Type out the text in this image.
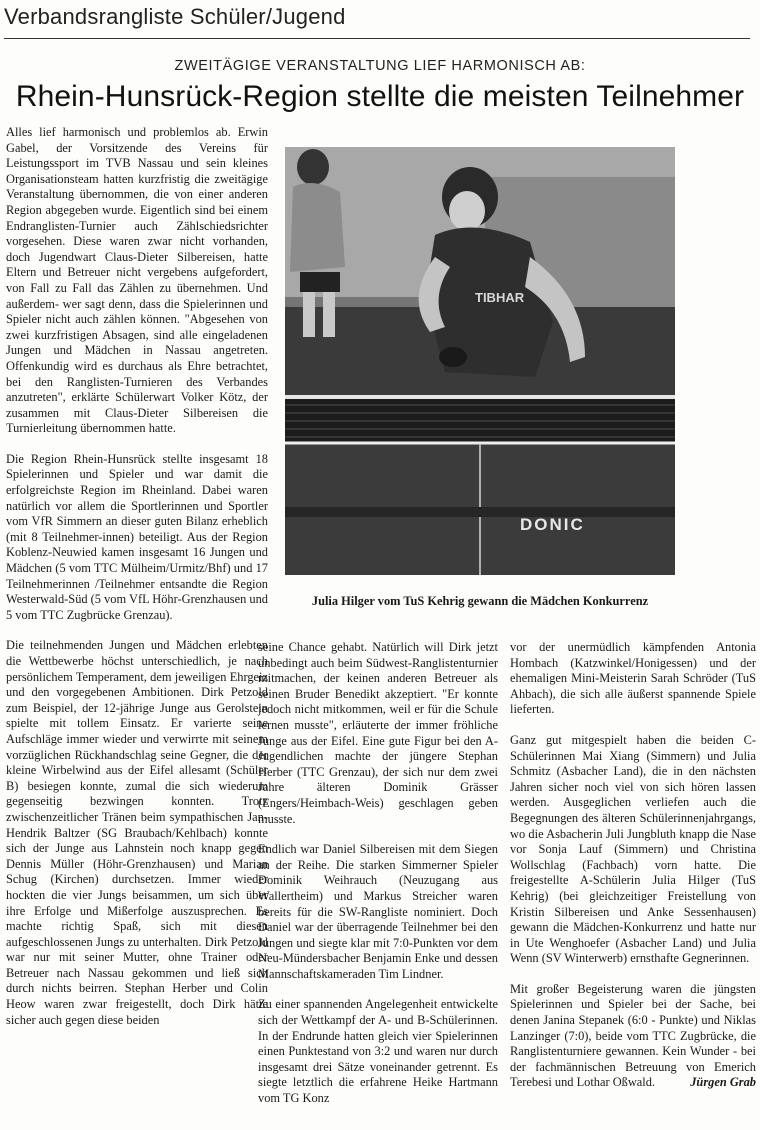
Verbandsrangliste Schüler/Jugend
ZWEITÄGIGE VERANSTALTUNG LIEF HARMONISCH AB:
Rhein-Hunsrück-Region stellte die meisten Teilnehmer

Alles lief harmonisch und problemlos ab. Erwin Gabel, der Vorsitzende des Vereins für Leistungssport im TVB Nassau und sein kleines Organisationsteam hatten kurzfristig die zweitägige Veranstaltung übernommen, die von einer anderen Region abgegeben wurde. Eigentlich sind bei einem Endranglisten-Turnier auch Zählschiedsrichter vorgesehen. Diese waren zwar nicht vorhanden, doch Jugendwart Claus-Dieter Silbereisen, hatte Eltern und Betreuer nicht vergebens aufgefordert, von Fall zu Fall das Zählen zu übernehmen. Und außerdem- wer sagt denn, dass die Spielerinnen und Spieler nicht auch zählen können. "Abgesehen von zwei kurzfristigen Absagen, sind alle eingeladenen Jungen und Mädchen in Nassau angetreten. Offenkundig wird es durchaus als Ehre betrachtet, bei den Ranglisten-Turnieren des Verbandes anzutreten", erklärte Schülerwart Volker Kötz, der zusammen mit Claus-Dieter Silbereisen die Turnierleitung übernommen hatte.

Die Region Rhein-Hunsrück stellte insgesamt 18 Spielerinnen und Spieler und war damit die erfolgreichste Region im Rheinland. Dabei waren natürlich vor allem die Sportlerinnen und Sportler vom VfR Simmern an dieser guten Bilanz erheblich (mit 8 Teilnehmer-innen) beteiligt. Aus der Region Koblenz-Neuwied kamen insgesamt 16 Jungen und Mädchen (5 vom TTC Mülheim/Urmitz/Bhf) und 17 Teilnehmerinnen /Teilnehmer entsandte die Region Westerwald-Süd (5 vom VfL Höhr-Grenzhausen und 5 vom TTC Zugbrücke Grenzau).

Die teilnehmenden Jungen und Mädchen erlebten die Wettbewerbe höchst unterschiedlich, je nach persönlichem Temperament, dem jeweiligen Ehrgeiz und den vorgegebenen Ambitionen. Dirk Petzold zum Beispiel, der 12-jährige Junge aus Gerolstein spielte mit tollem Einsatz. Er varierte seine Aufschläge immer wieder und verwirrte mit seinem vorzüglichen Rückhandschlag seine Gegner, die der kleine Wirbelwind aus der Eifel allesamt (Schüler B) besiegen konnte, zumal die sich wiederum gegenseitig bezwingen konnten. Trotz zwischenzeitlicher Tränen beim sympathischen Jan-Hendrik Baltzer (SG Braubach/Kehlbach) konnte sich der Junge aus Lahnstein noch knapp gegen Dennis Müller (Höhr-Grenzhausen) und Marian Schug (Kirchen) durchsetzen. Immer wieder hockten die vier Jungs beisammen, um sich über ihre Erfolge und Mißerfolge auszusprechen. Es machte richtig Spaß, sich mit diesen aufgeschlossenen Jungs zu unterhalten. Dirk Petzold war nur mit seiner Mutter, ohne Trainer oder Betreuer nach Nassau gekommen und ließ sich durch nichts beirren. Stephan Herber und Colin Heow waren zwar freigestellt, doch Dirk hätte sicher auch gegen diese beiden

TIBHAR
DONIC
Julia Hilger vom TuS Kehrig gewann die Mädchen Konkurrenz

seine Chance gehabt. Natürlich will Dirk jetzt unbedingt auch beim Südwest-Ranglistenturnier mitmachen, der keinen anderen Betreuer als seinen Bruder Benedikt akzeptiert. "Er konnte jedoch nicht mitkommen, weil er für die Schule lernen musste", erläuterte der immer fröhliche Junge aus der Eifel. Eine gute Figur bei den A-Jugendlichen machte der jüngere Stephan Herber (TTC Grenzau), der sich nur dem zwei Jahre älteren Dominik Grässer (Engers/Heimbach-Weis) geschlagen geben musste.

Endlich war Daniel Silbereisen mit dem Siegen an der Reihe. Die starken Simmerner Spieler Dominik Weihrauch (Neuzugang aus Wallertheim) und Markus Streicher waren bereits für die SW-Rangliste nominiert. Doch Daniel war der überragende Teilnehmer bei den Jungen und siegte klar mit 7:0-Punkten vor dem Neu-Mündersbacher Benjamin Enke und dessen Mannschaftskameraden Tim Lindner.

Zu einer spannenden Angelegenheit entwickelte sich der Wettkampf der A- und B-Schülerinnen. In der Endrunde hatten gleich vier Spielerinnen einen Punktestand von 3:2 und waren nur durch insgesamt drei Sätze voneinander getrennt. Es siegte letztlich die erfahrene Heike Hartmann vom TG Konz

vor der unermüdlich kämpfenden Antonia Hombach (Katzwinkel/Honigessen) und der ehemaligen Mini-Meisterin Sarah Schröder (TuS Ahbach), die sich alle äußerst spannende Spiele lieferten.

Ganz gut mitgespielt haben die beiden C-Schülerinnen Mai Xiang (Simmern) und Julia Schmitz (Asbacher Land), die in den nächsten Jahren sicher noch viel von sich hören lassen werden. Ausgeglichen verliefen auch die Begegnungen des älteren Schülerinnenjahrgangs, wo die Asbacherin Juli Jungbluth knapp die Nase vor Sonja Lauf (Simmern) und Christina Wollschlag (Fachbach) vorn hatte. Die freigestellte A-Schülerin Julia Hilger (TuS Kehrig) (bei gleichzeitiger Freistellung von Kristin Silbereisen und Anke Sessenhausen) gewann die Mädchen-Konkurrenz und hatte nur in Ute Wenghoefer (Asbacher Land) und Julia Wenn (SV Winterwerb) ernsthafte Gegnerinnen.

Mit großer Begeisterung waren die jüngsten Spielerinnen und Spieler bei der Sache, bei denen Janina Stepanek (6:0 - Punkte) und Niklas Lanzinger (7:0), beide vom TTC Zugbrücke, die Ranglistenturniere gewannen. Kein Wunder - bei der fachmännischen Betreuung von Emerich Terebesi und Lothar Oßwald.	Jürgen Grab
